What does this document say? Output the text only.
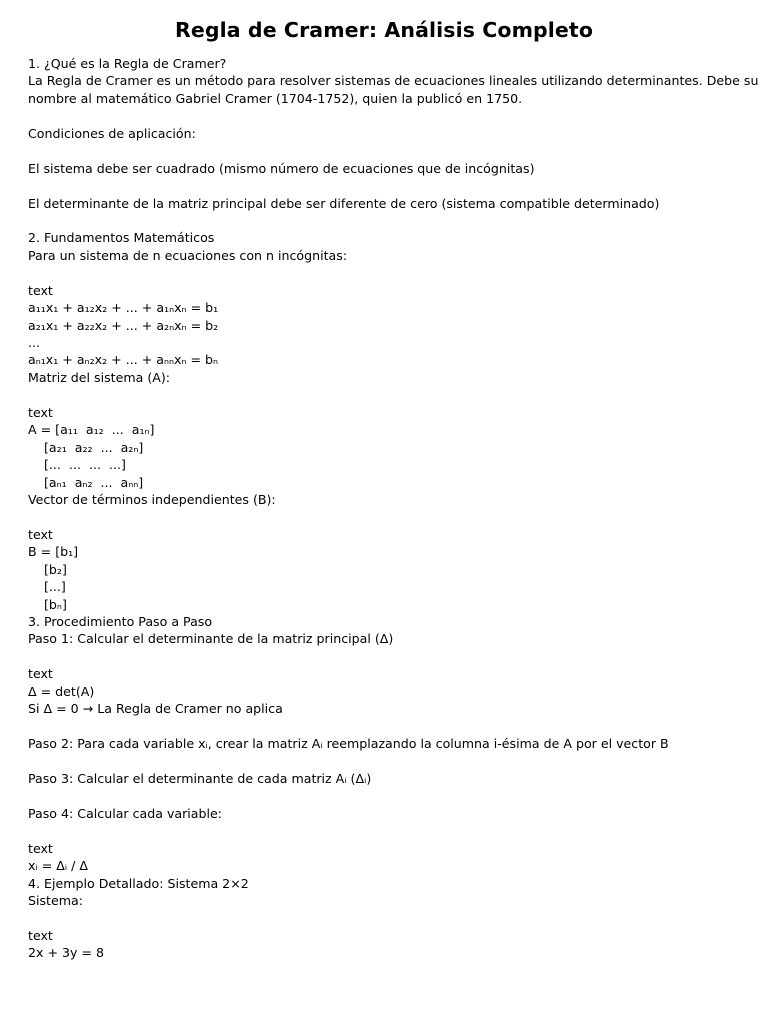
Regla de Cramer: Análisis Completo
1. ¿Qué es la Regla de Cramer?
La Regla de Cramer es un método para resolver sistemas de ecuaciones lineales utilizando determinantes. Debe su
nombre al matemático Gabriel Cramer (1704-1752), quien la publicó en 1750.
Condiciones de aplicación:
El sistema debe ser cuadrado (mismo número de ecuaciones que de incógnitas)
El determinante de la matriz principal debe ser diferente de cero (sistema compatible determinado)
2. Fundamentos Matemáticos
Para un sistema de n ecuaciones con n incógnitas:
text
a₁₁x₁ + a₁₂x₂ + ... + a₁ₙxₙ = b₁
a₂₁x₁ + a₂₂x₂ + ... + a₂ₙxₙ = b₂
...
aₙ₁x₁ + aₙ₂x₂ + ... + aₙₙxₙ = bₙ
Matriz del sistema (A):
text
A = [a₁₁  a₁₂  ...  a₁ₙ]
[a₂₁  a₂₂  ...  a₂ₙ]
[...  ...  ...  ...]
[aₙ₁  aₙ₂  ...  aₙₙ]
Vector de términos independientes (B):
text
B = [b₁]
[b₂]
[...]
[bₙ]
3. Procedimiento Paso a Paso
Paso 1: Calcular el determinante de la matriz principal (Δ)
text
Δ = det(A)
Si Δ = 0 → La Regla de Cramer no aplica
Paso 2: Para cada variable xᵢ, crear la matriz Aᵢ reemplazando la columna i-ésima de A por el vector B
Paso 3: Calcular el determinante de cada matriz Aᵢ (Δᵢ)
Paso 4: Calcular cada variable:
text
xᵢ = Δᵢ / Δ
4. Ejemplo Detallado: Sistema 2×2
Sistema:
text
2x + 3y = 8
